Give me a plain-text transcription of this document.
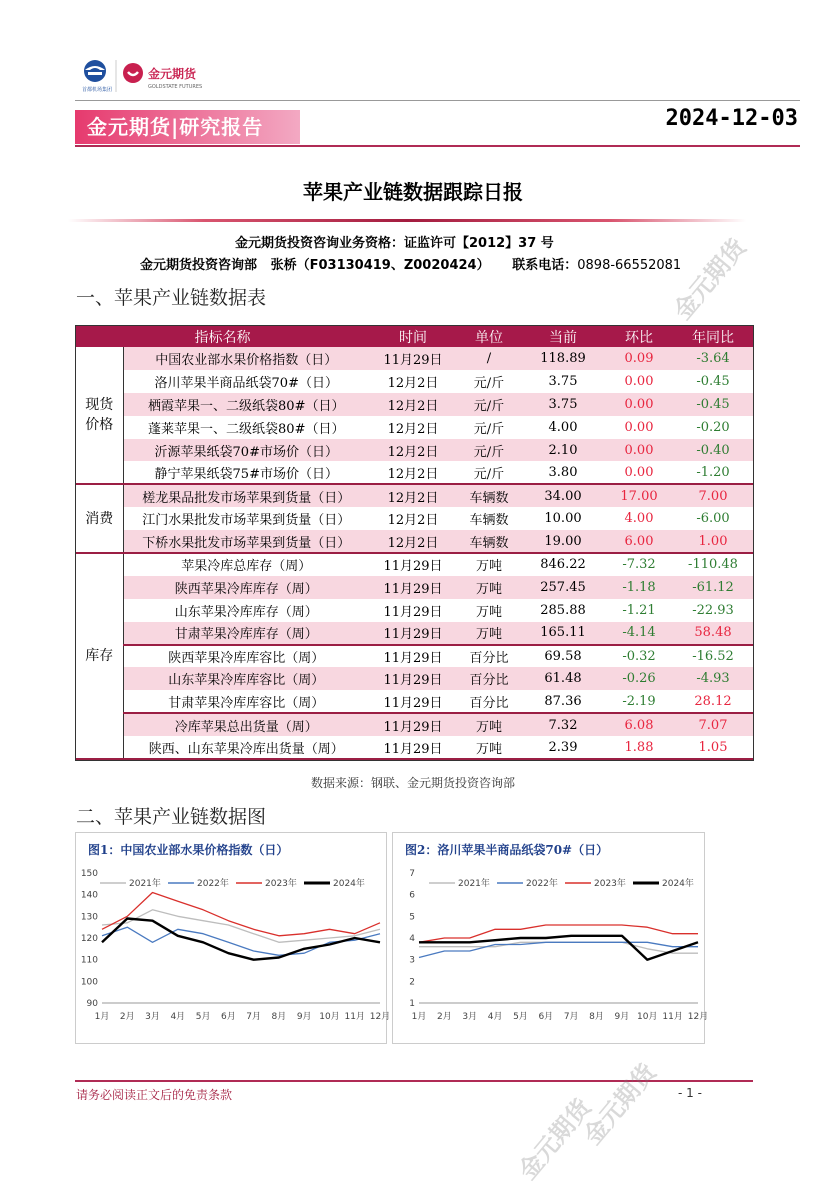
首都机场集团
金元期货
GOLDSTATE FUTURES
金元期货|研究报告	2024-12-03
苹果产业链数据跟踪日报
金元期货投资咨询业务资格：证监许可【2012】37 号
金元期货投资咨询部 张桥（F03130419、Z0020424） 联系电话：0898-66552081
一、苹果产业链数据表
指标名称		时间	单位	当前	环比	年同比
现货价格	中国农业部水果价格指数（日）	11月29日	/	118.89	0.09	-3.64
	洛川苹果半商品纸袋70#（日）	12月2日	元/斤	3.75	0.00	-0.45
	栖霞苹果一、二级纸袋80#（日）	12月2日	元/斤	3.75	0.00	-0.45
	蓬莱苹果一、二级纸袋80#（日）	12月2日	元/斤	4.00	0.00	-0.20
	沂源苹果纸袋70#市场价（日）	12月2日	元/斤	2.10	0.00	-0.40
	静宁苹果纸袋75#市场价（日）	12月2日	元/斤	3.80	0.00	-1.20
消费	槎龙果品批发市场苹果到货量（日）	12月2日	车辆数	34.00	17.00	7.00
	江门水果批发市场苹果到货量（日）	12月2日	车辆数	10.00	4.00	-6.00
	下桥水果批发市场苹果到货量（日）	12月2日	车辆数	19.00	6.00	1.00
库存	苹果冷库总库存（周）	11月29日	万吨	846.22	-7.32	-110.48
	陕西苹果冷库库存（周）	11月29日	万吨	257.45	-1.18	-61.12
	山东苹果冷库库存（周）	11月29日	万吨	285.88	-1.21	-22.93
	甘肃苹果冷库库存（周）	11月29日	万吨	165.11	-4.14	58.48
	陕西苹果冷库库容比（周）	11月29日	百分比	69.58	-0.32	-16.52
	山东苹果冷库库容比（周）	11月29日	百分比	61.48	-0.26	-4.93
	甘肃苹果冷库库容比（周）	11月29日	百分比	87.36	-2.19	28.12
	冷库苹果总出货量（周）	11月29日	万吨	7.32	6.08	7.07
	陕西、山东苹果冷库出货量（周）	11月29日	万吨	2.39	1.88	1.05
数据来源：钢联、金元期货投资咨询部
二、苹果产业链数据图
图1：中国农业部水果价格指数（日）
90
100
110
120
130
140
150
1月 2月 3月 4月 5月 6月 7月 8月 9月 10月 11月 12月
2021年	2022年	2023年	2024年
图2：洛川苹果半商品纸袋70#（日）
1
2
3
4
5
6
7
1月 2月 3月 4月 5月 6月 7月 8月 9月 10月 11月 12月
2021年	2022年	2023年	2024年
请务必阅读正文后的免责条款	- 1 -
金元期货
金元期货
金元期货
